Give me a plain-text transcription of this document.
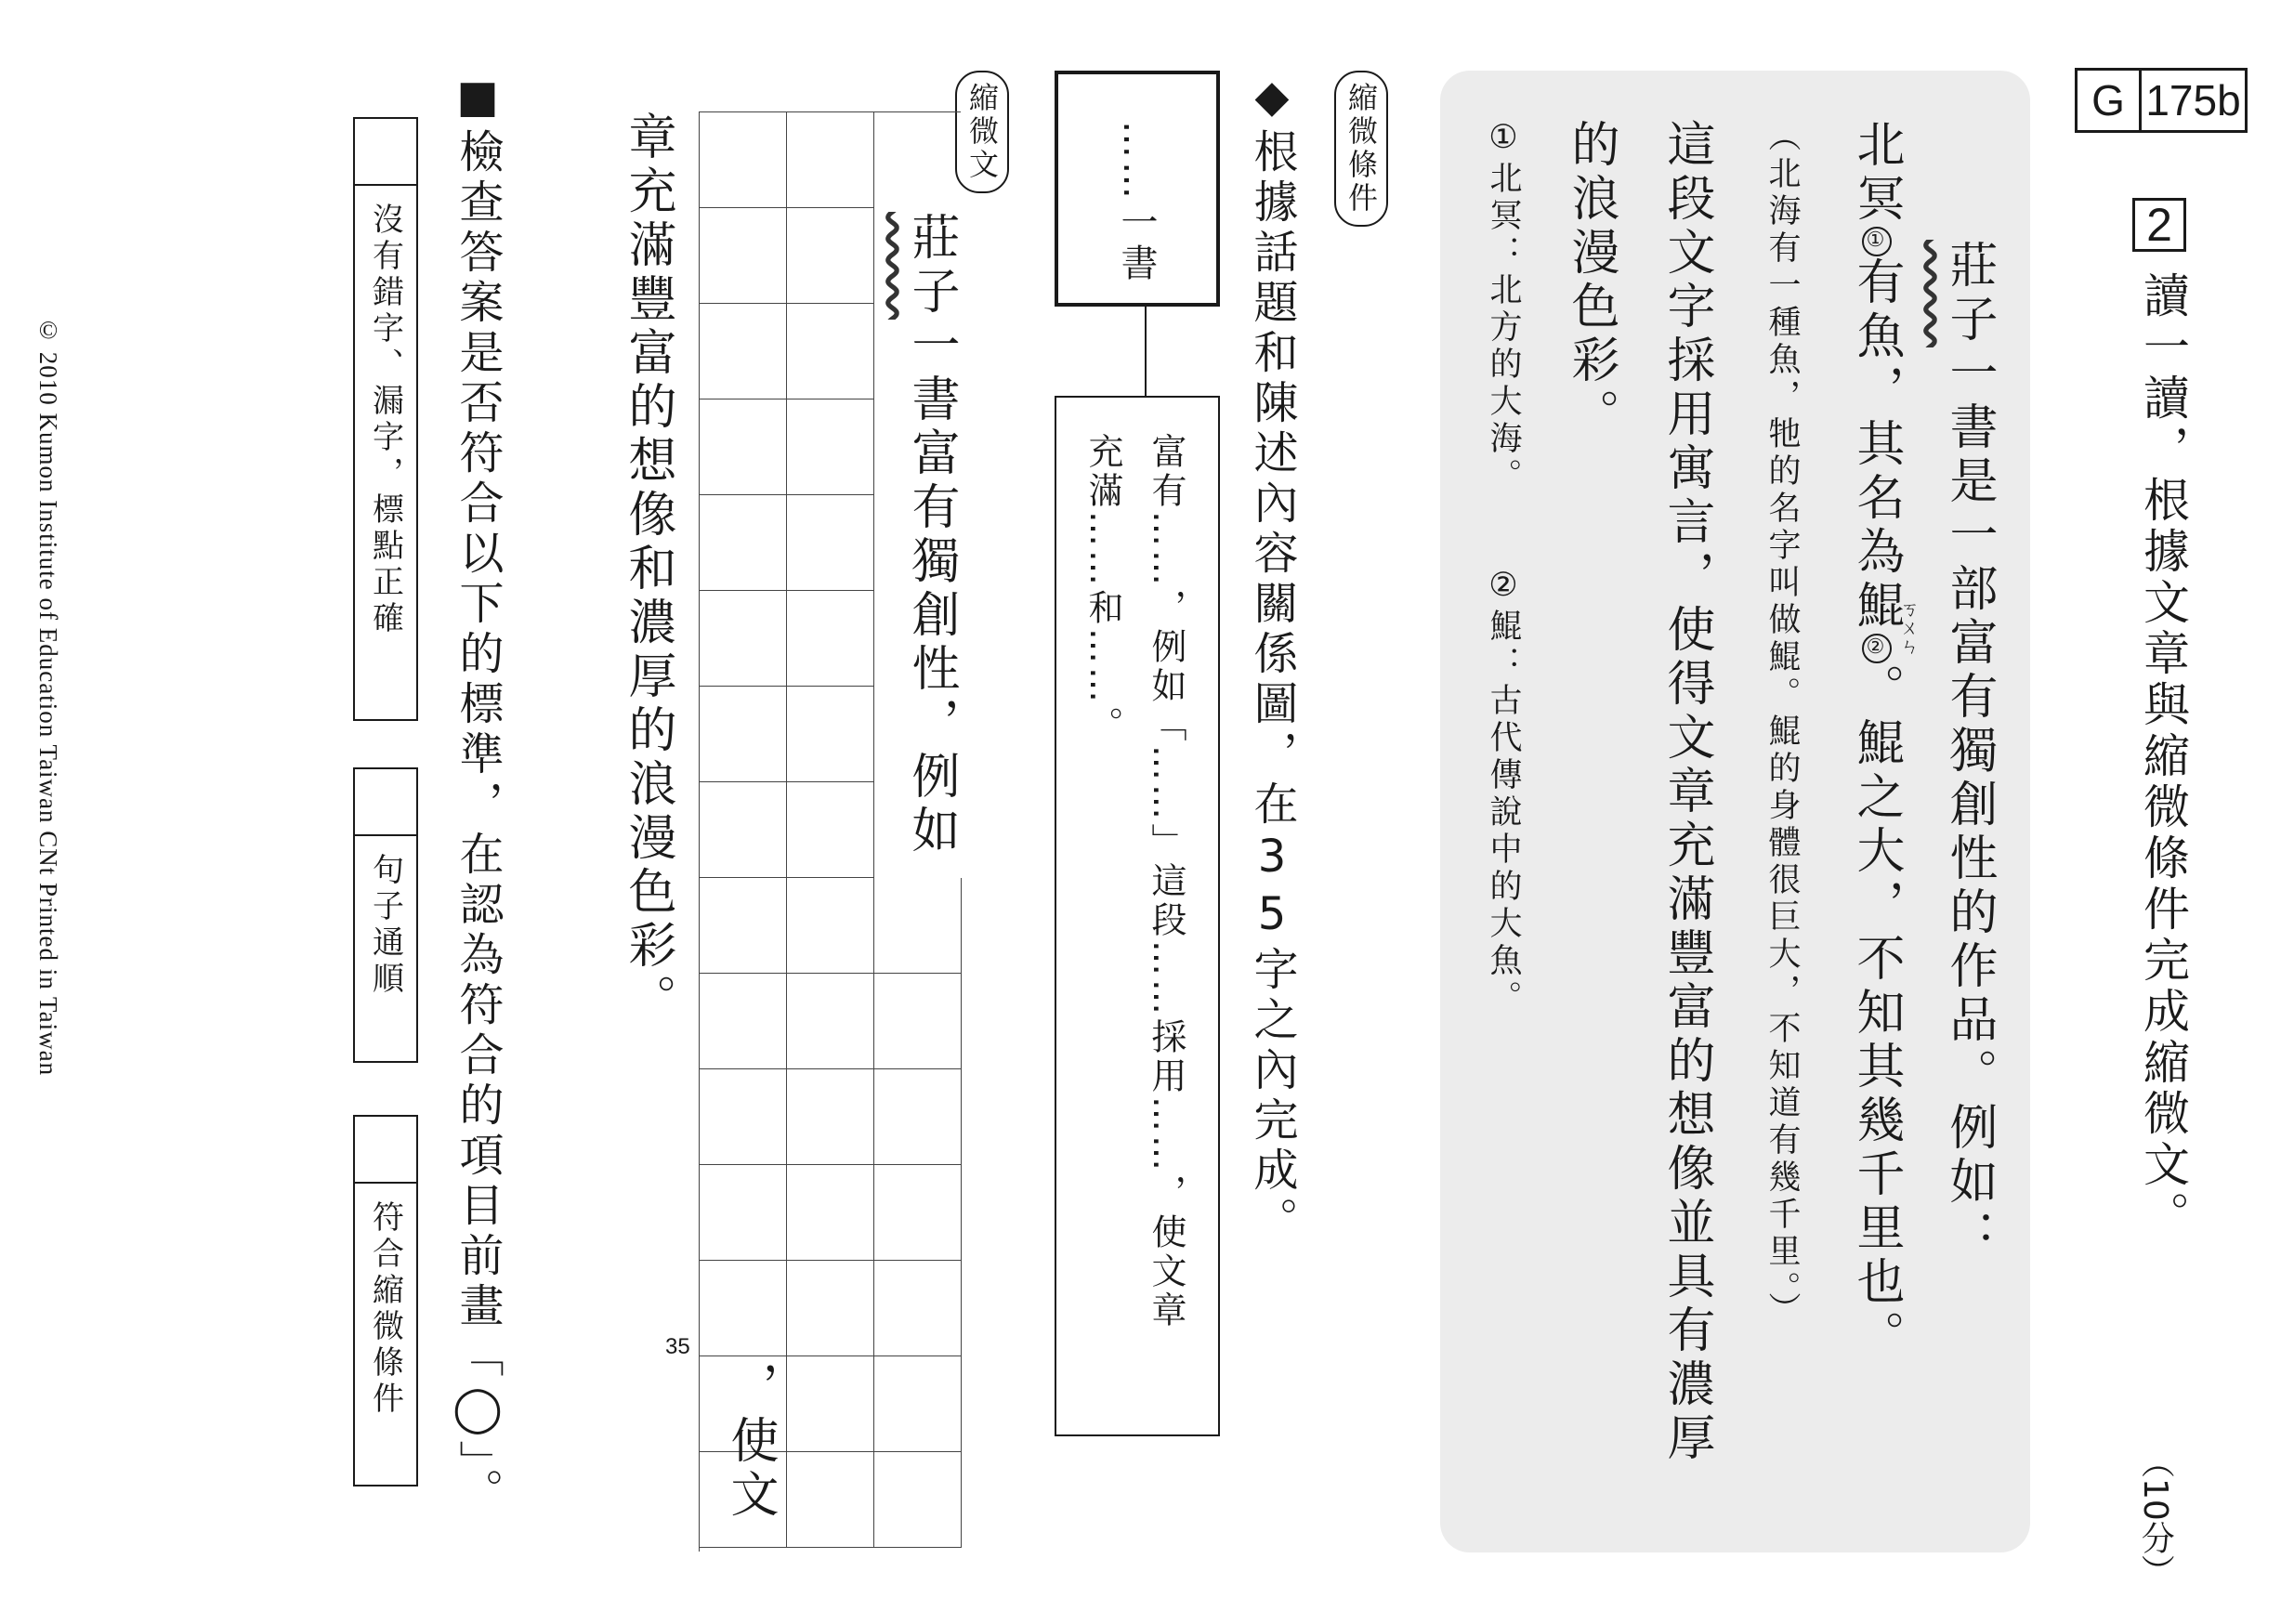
G 175b
2
讀一讀，根據文章與縮微條件完成縮微文。
（10分）
莊子一書是一部富有獨創性的作品。例如：
北冥①有魚，其名為鯤②。鯤之大，不知其幾千里也。
ㄎㄨㄣ
（北海有一種魚，牠的名字叫做鯤。鯤的身體很巨大，不知道有幾千里。）
這段文字採用寓言，使得文章充滿豐富的想像並具有濃厚
的浪漫色彩。
①北冥：北方的大海。
②鯤：古代傳說中的大魚。
縮微條件
◆根據話題和陳述內容關係圖，在35字之內完成。
……一書
富有……，例如「……」這段……採用……，使文章
充滿……和……。
縮微文
莊子一書富有獨創性，例如
35
，使文
章充滿豐富的想像和濃厚的浪漫色彩。
■檢查答案是否符合以下的標準，在認為符合的項目前畫「◯」。
沒有錯字、漏字，標點正確
句子通順
符合縮微條件
© 2010 Kumon Institute of Education Taiwan CNt Printed in Taiwan
